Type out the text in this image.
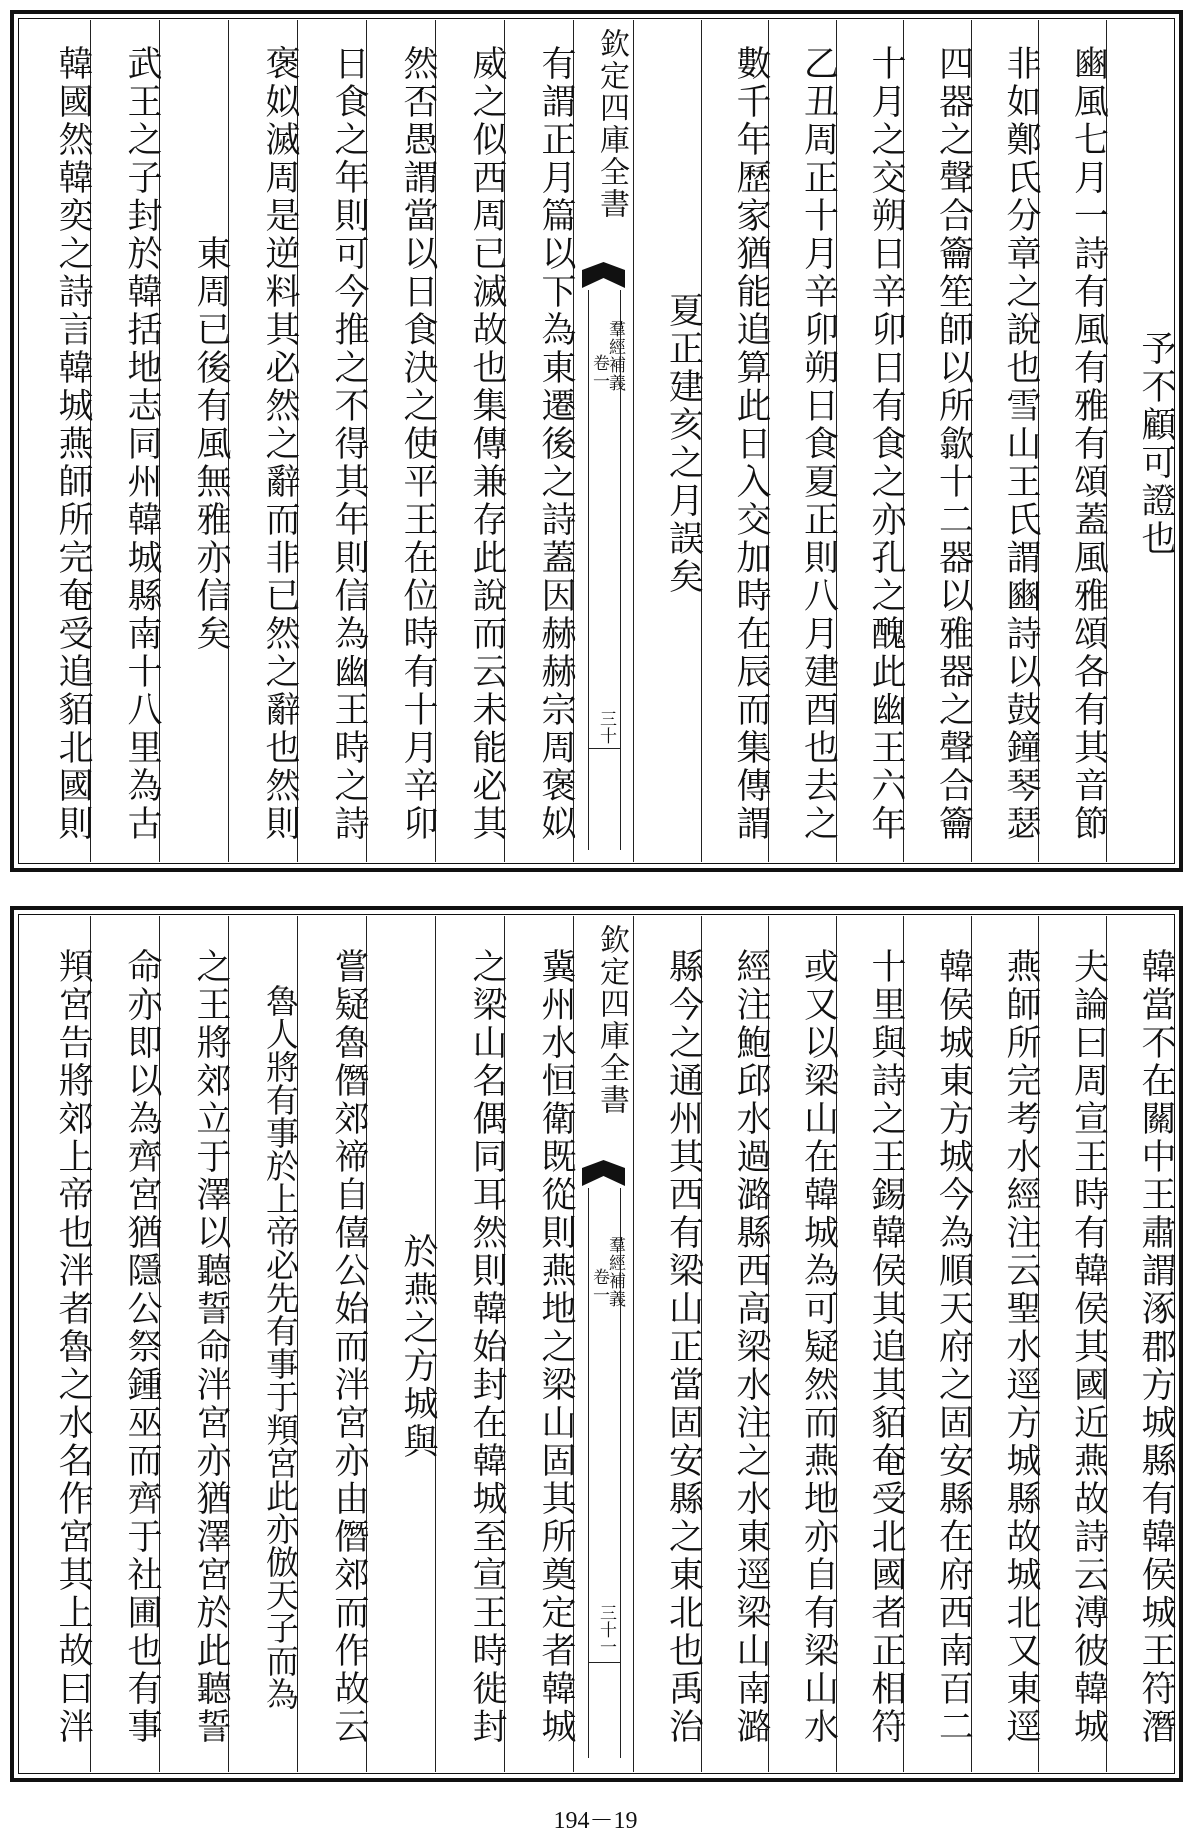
予不顧可證也
豳風七月一詩有風有雅有頌蓋風雅頌各有其音節
非如鄭氏分章之說也雪山王氏謂豳詩以鼓鐘琴瑟
四器之聲合籥笙師以所歙十二器以雅器之聲合籥
十月之交朔日辛卯日有食之亦孔之醜此幽王六年
乙丑周正十月辛卯朔日食夏正則八月建酉也去之
數千年歷家猶能追算此日入交加時在辰而集傳謂
夏正建亥之月誤矣
欽定四庫全書
羣經補義
卷一
三十
有謂正月篇以下為東遷後之詩蓋因赫赫宗周褒姒
威之似西周已滅故也集傳兼存此說而云未能必其
然否愚謂當以日食決之使平王在位時有十月辛卯
日食之年則可今推之不得其年則信為幽王時之詩
褒姒滅周是逆料其必然之辭而非已然之辭也然則
東周已後有風無雅亦信矣
武王之子封於韓括地志同州韓城縣南十八里為古
韓國然韓奕之詩言韓城燕師所完奄受追貊北國則
韓當不在關中王肅謂涿郡方城縣有韓侯城王符潛
夫論曰周宣王時有韓侯其國近燕故詩云溥彼韓城
燕師所完考水經注云聖水逕方城縣故城北又東逕
韓侯城東方城今為順天府之固安縣在府西南百二
十里與詩之王錫韓侯其追其貊奄受北國者正相符
或又以梁山在韓城為可疑然而燕地亦自有梁山水
經注鮑邱水過潞縣西高梁水注之水東逕梁山南潞
縣今之通州其西有梁山正當固安縣之東北也禹治
欽定四庫全書
羣經補義
卷一
三十一
冀州水恒衛既從則燕地之梁山固其所奠定者韓城
之梁山名偶同耳然則韓始封在韓城至宣王時徙封
於燕之方城與
嘗疑魯僭郊禘自僖公始而泮宮亦由僭郊而作故云
魯人將有事於上帝必先有事于頖宮此亦倣天子而為
之王將郊立于澤以聽誓命泮宮亦猶澤宮於此聽誓
命亦即以為齊宮猶隱公祭鍾巫而齊于社圃也有事
頖宮告將郊上帝也泮者魯之水名作宮其上故曰泮
194－19
